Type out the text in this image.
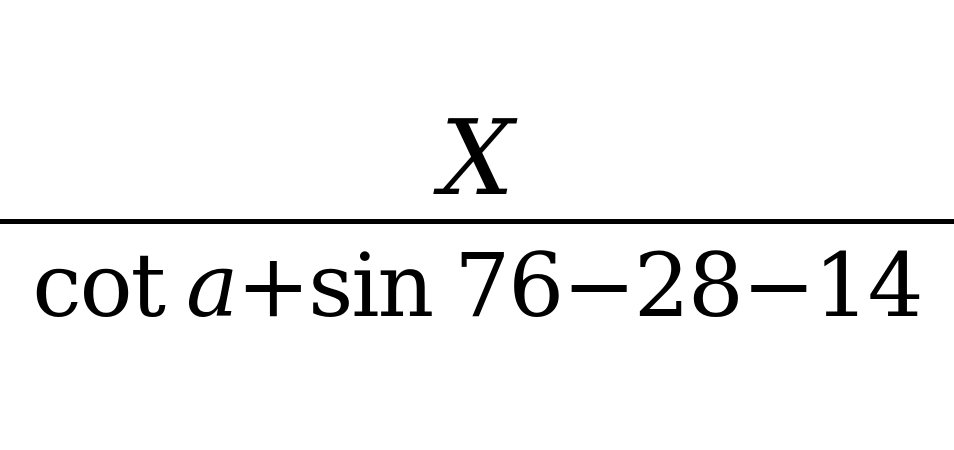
X
cot a+sin 76−28−14
